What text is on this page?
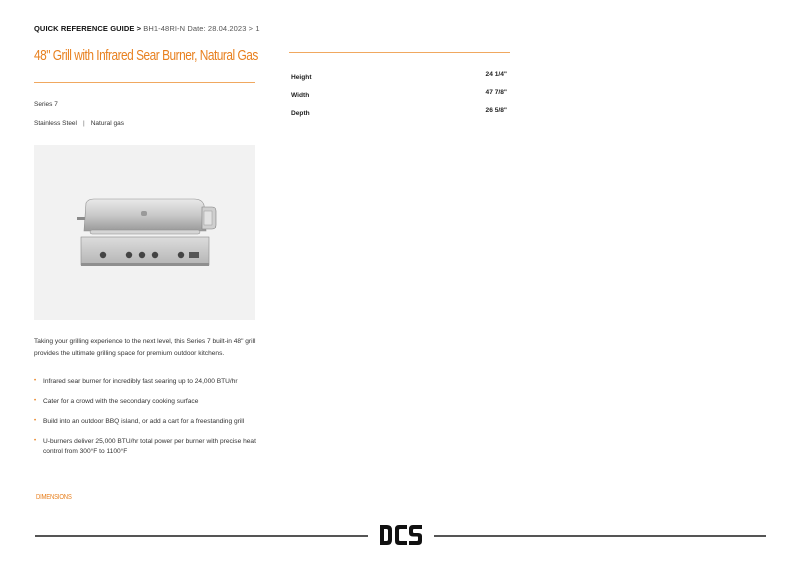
QUICK REFERENCE GUIDE > BH1-48RI-N Date: 28.04.2023 > 1
48" Grill with Infrared Sear Burner, Natural Gas
Series 7
Stainless Steel | Natural gas
Taking your grilling experience to the next level, this Series 7 built-in 48" grill provides the ultimate grilling space for premium outdoor kitchens.
• Infrared sear burner for incredibly fast searing up to 24,000 BTU/hr
• Cater for a crowd with the secondary cooking surface
• Build into an outdoor BBQ island, or add a cart for a freestanding grill
• U-burners deliver 25,000 BTU/hr total power per burner with precise heat control from 300°F to 1100°F
DIMENSIONS
Height	24 1/4"
Width	47 7/8"
Depth	26 5/8"
